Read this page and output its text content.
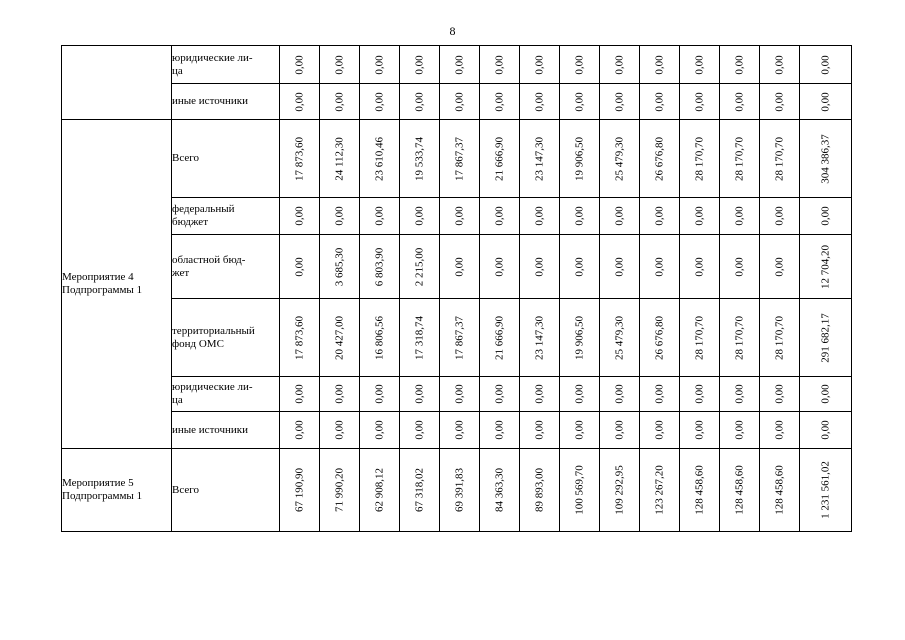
8
	юридические ли-
ца	0,00	0,00	0,00	0,00	0,00	0,00	0,00	0,00	0,00	0,00	0,00	0,00	0,00	0,00

	иные источники	0,00	0,00	0,00	0,00	0,00	0,00	0,00	0,00	0,00	0,00	0,00	0,00	0,00	0,00

Мероприятие 4
Подпрограммы 1	Всего	17 873,60	24 112,30	23 610,46	19 533,74	17 867,37	21 666,90	23 147,30	19 906,50	25 479,30	26 676,80	28 170,70	28 170,70	28 170,70	304 386,37

	федеральный
бюджет	0,00	0,00	0,00	0,00	0,00	0,00	0,00	0,00	0,00	0,00	0,00	0,00	0,00	0,00

	областной бюд-
жет	0,00	3 685,30	6 803,90	2 215,00	0,00	0,00	0,00	0,00	0,00	0,00	0,00	0,00	0,00	12 704,20

	территориальный
фонд ОМС	17 873,60	20 427,00	16 806,56	17 318,74	17 867,37	21 666,90	23 147,30	19 906,50	25 479,30	26 676,80	28 170,70	28 170,70	28 170,70	291 682,17

	юридические ли-
ца	0,00	0,00	0,00	0,00	0,00	0,00	0,00	0,00	0,00	0,00	0,00	0,00	0,00	0,00

	иные источники	0,00	0,00	0,00	0,00	0,00	0,00	0,00	0,00	0,00	0,00	0,00	0,00	0,00	0,00

Мероприятие 5
Подпрограммы 1	Всего	67 190,90	71 990,20	62 908,12	67 318,02	69 391,83	84 363,30	89 893,00	100 569,70	109 292,95	123 267,20	128 458,60	128 458,60	128 458,60	1 231 561,02
